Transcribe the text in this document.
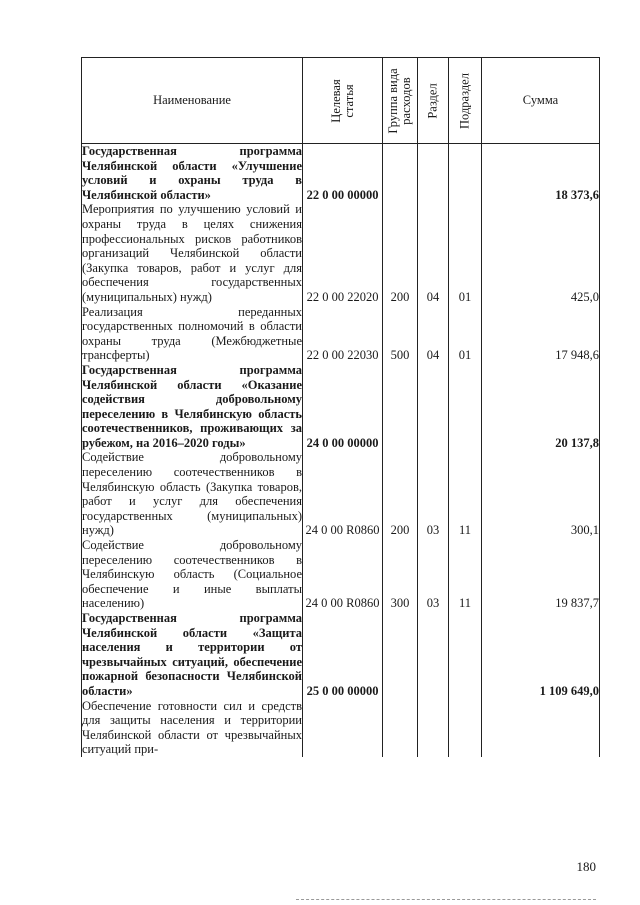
Наименование	Целевая статья	Группа вида расходов	Раздел	Подраздел	Сумма
Государственная программа Челябинской области «Улучшение условий и охраны труда в Челябинской области»	22 0 00 00000				18 373,6
Мероприятия по улучшению условий и охраны труда в целях снижения профессиональных рисков работников организаций Челябинской области (Закупка товаров, работ и услуг для обеспечения государственных (муниципальных) нужд)	22 0 00 22020	200	04	01	425,0
Реализация переданных государственных полномочий в области охраны труда (Межбюджетные трансферты)	22 0 00 22030	500	04	01	17 948,6
Государственная программа Челябинской области «Оказание содействия добровольному переселению в Челябинскую область соотечественников, проживающих за рубежом, на 2016–2020 годы»	24 0 00 00000				20 137,8
Содействие добровольному переселению соотечественников в Челябинскую область (Закупка товаров, работ и услуг для обеспечения государственных (муниципальных) нужд)	24 0 00 R0860	200	03	11	300,1
Содействие добровольному переселению соотечественников в Челябинскую область (Социальное обеспечение и иные выплаты населению)	24 0 00 R0860	300	03	11	19 837,7
Государственная программа Челябинской области «Защита населения и территории от чрезвычайных ситуаций, обеспечение пожарной безопасности Челябинской области»	25 0 00 00000				1 109 649,0
Обеспечение готовности сил и средств для защиты населения и территории Челябинской области от чрезвычайных ситуаций при-					
180
